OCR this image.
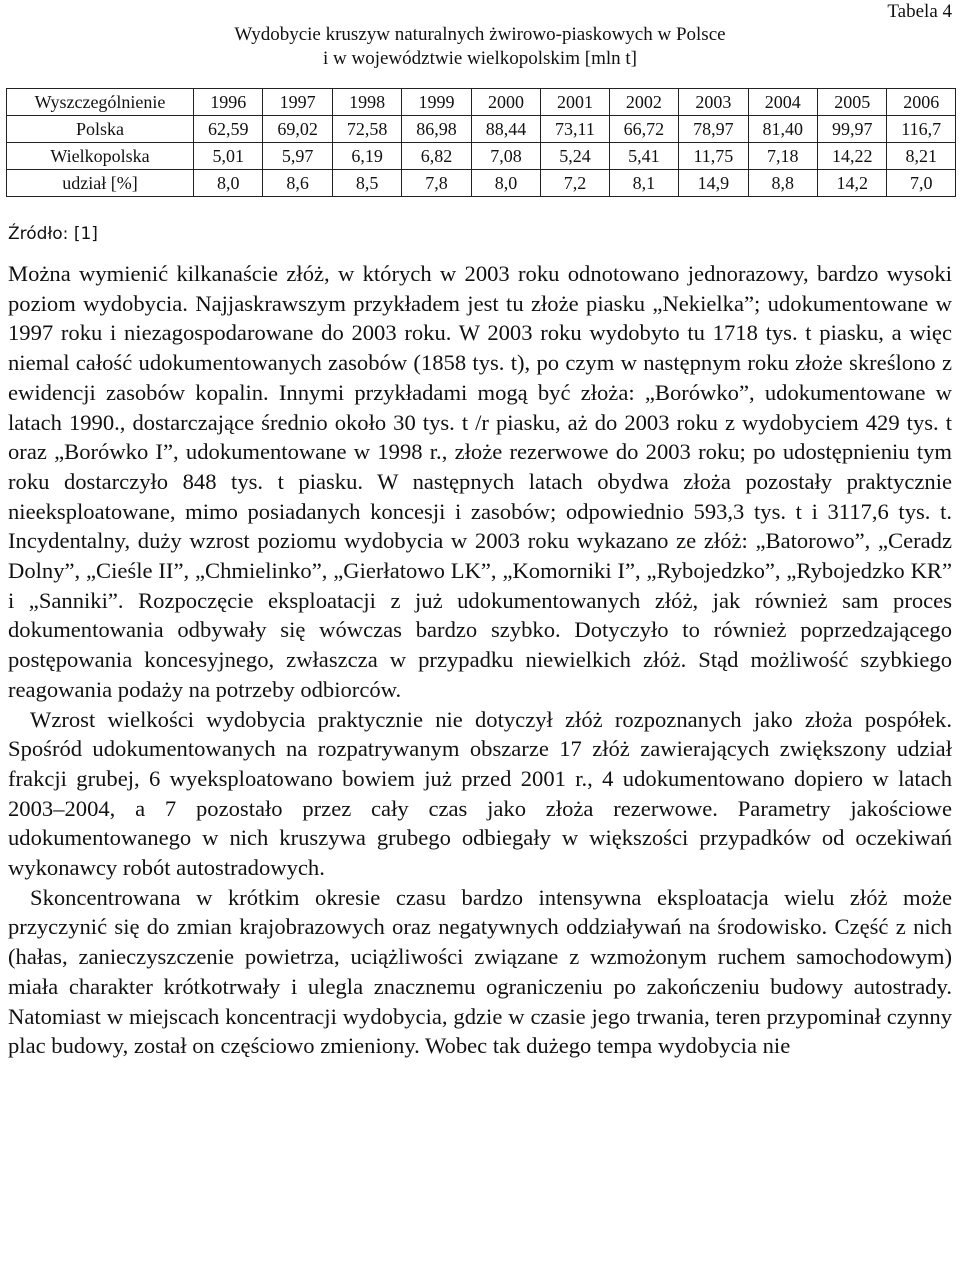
Tabela 4
Wydobycie kruszyw naturalnych żwirowo-piaskowych w Polsce
i w województwie wielkopolskim [mln t]
Wyszczególnienie	1996	1997	1998	1999	2000	2001	2002	2003	2004	2005	2006
Polska	62,59	69,02	72,58	86,98	88,44	73,11	66,72	78,97	81,40	99,97	116,7
Wielkopolska	5,01	5,97	6,19	6,82	7,08	5,24	5,41	11,75	7,18	14,22	8,21
udział [%]	8,0	8,6	8,5	7,8	8,0	7,2	8,1	14,9	8,8	14,2	7,0
Źródło: [1]

Można wymienić kilkanaście złóż, w których w 2003 roku odnotowano jednorazowy, bardzo wysoki poziom wydobycia. Najjaskrawszym przykładem jest tu złoże piasku „Nekielka”; udokumentowane w 1997 roku i niezagospodarowane do 2003 roku. W 2003 roku wydobyto tu 1718 tys. t piasku, a więc niemal całość udokumentowanych zasobów (1858 tys. t), po czym w następnym roku złoże skreślono z ewidencji zasobów kopalin. Innymi przykładami mogą być złoża: „Borówko”, udokumentowane w latach 1990., dostarczające średnio około 30 tys. t /r piasku, aż do 2003 roku z wydobyciem 429 tys. t oraz „Borówko I”, udokumentowane w 1998 r., złoże rezerwowe do 2003 roku; po udostępnieniu tym roku dostarczyło 848 tys. t piasku. W następnych latach obydwa złoża pozostały praktycznie nieeksploatowane, mimo posiadanych koncesji i zasobów; odpowiednio 593,3 tys. t i 3117,6 tys. t. Incydentalny, duży wzrost poziomu wydobycia w 2003 roku wykazano ze złóż: „Batorowo”, „Ceradz Dolny”, „Cieśle II”, „Chmielinko”, „Gierłatowo LK”, „Komorniki I”, „Rybojedzko”, „Rybojedzko KR” i „Sanniki”. Rozpoczęcie eksploatacji z już udokumentowanych złóż, jak również sam proces dokumentowania odbywały się wówczas bardzo szybko. Dotyczyło to również poprzedzającego postępowania koncesyjnego, zwłaszcza w przypadku niewielkich złóż. Stąd możliwość szybkiego reagowania podaży na potrzeby odbiorców.

Wzrost wielkości wydobycia praktycznie nie dotyczył złóż rozpoznanych jako złoża pospółek. Spośród udokumentowanych na rozpatrywanym obszarze 17 złóż zawierających zwiększony udział frakcji grubej, 6 wyeksploatowano bowiem już przed 2001 r., 4 udokumentowano dopiero w latach 2003–2004, a 7 pozostało przez cały czas jako złoża rezerwowe. Parametry jakościowe udokumentowanego w nich kruszywa grubego odbiegały w większości przypadków od oczekiwań wykonawcy robót autostradowych.

Skoncentrowana w krótkim okresie czasu bardzo intensywna eksploatacja wielu złóż może przyczynić się do zmian krajobrazowych oraz negatywnych oddziaływań na środowisko. Część z nich (hałas, zanieczyszczenie powietrza, uciążliwości związane z wzmożonym ruchem samochodowym) miała charakter krótkotrwały i ulegla znacznemu ograniczeniu po zakończeniu budowy autostrady. Natomiast w miejscach koncentracji wydobycia, gdzie w czasie jego trwania, teren przypominał czynny plac budowy, został on częściowo zmieniony. Wobec tak dużego tempa wydobycia nie
